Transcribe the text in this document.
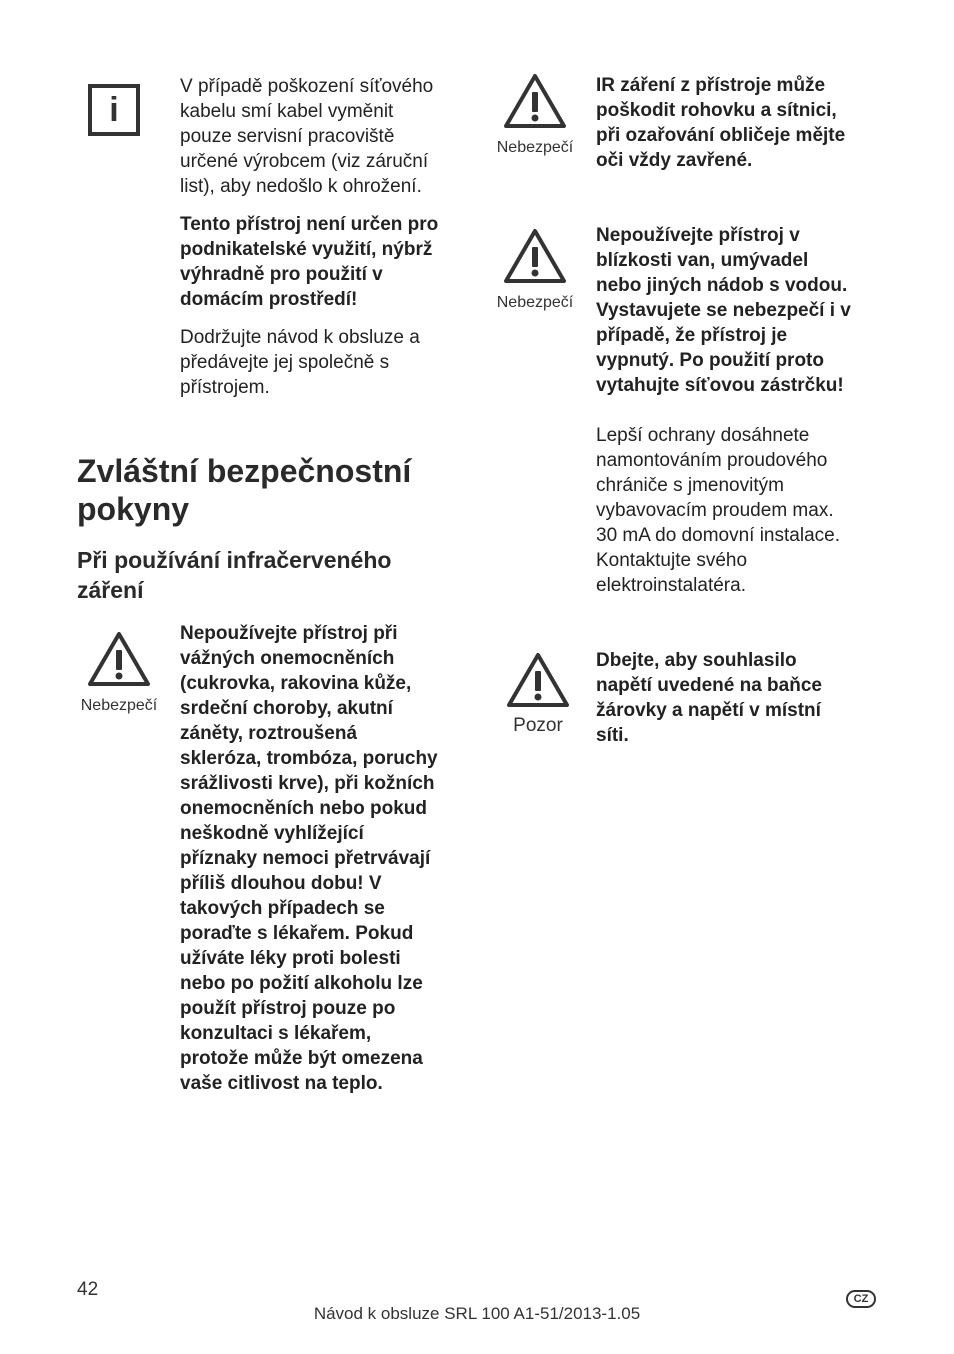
i

V případě poškození síťového

kabelu smí kabel vyměnit

pouze servisní pracoviště

určené výrobcem (viz záruční

list), aby nedošlo k ohrožení.

Tento přístroj není určen pro

podnikatelské využití, nýbrž

výhradně pro použití v

domácím prostředí!

Dodržujte návod k obsluze a

předávejte jej společně s

přístrojem.

Zvláštní bezpečnostní
pokyny
Při používání infračerveného
záření
Nebezpečí

Nepoužívejte přístroj při

vážných onemocněních

(cukrovka, rakovina kůže,

srdeční choroby, akutní

záněty, roztroušená

skleróza, trombóza, poruchy

srážlivosti krve), při kožních

onemocněních nebo pokud

neškodně vyhlížející

příznaky nemoci přetrvávají

příliš dlouhou dobu! V

takových případech se

poraďte s lékařem. Pokud

užíváte léky proti bolesti

nebo po požití alkoholu lze

použít přístroj pouze po

konzultaci s lékařem,

protože může být omezena

vaše citlivost na teplo.

Nebezpečí

IR záření z přístroje může

poškodit rohovku a sítnici,

při ozařování obličeje mějte

oči vždy zavřené.

Nebezpečí

Nepoužívejte přístroj v

blízkosti van, umývadel

nebo jiných nádob s vodou.

Vystavujete se nebezpečí i v

případě, že přístroj je

vypnutý. Po použití proto

vytahujte síťovou zástrčku!

Lepší ochrany dosáhnete

namontováním proudového

chrániče s jmenovitým

vybavovacím proudem max.

30 mA do domovní instalace.

Kontaktujte svého

elektroinstalatéra.

Pozor

Dbejte, aby souhlasilo

napětí uvedené na baňce

žárovky a napětí v místní

síti.

42
Návod k obsluze SRL 100 A1-51/2013-1.05
CZ
